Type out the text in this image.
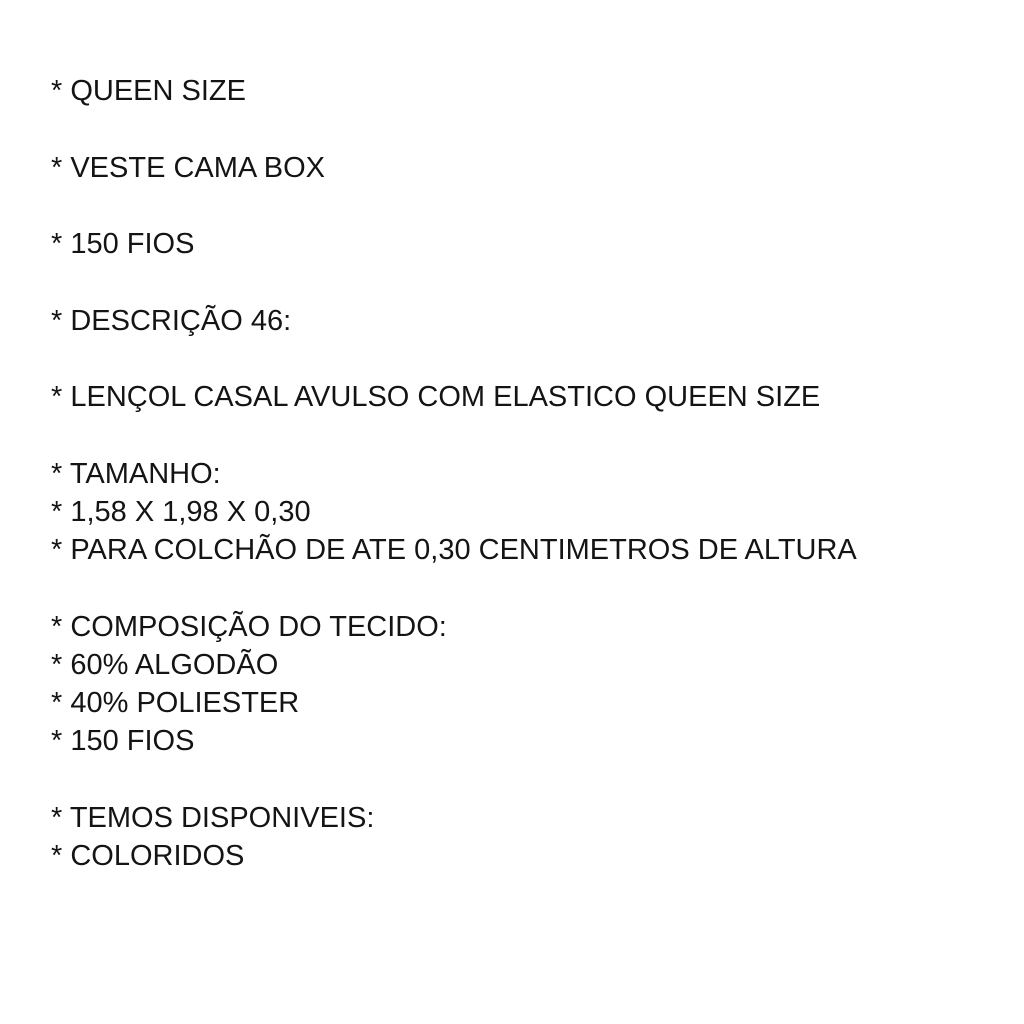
* QUEEN SIZE

* VESTE CAMA BOX

* 150 FIOS

* DESCRIÇÃO 46:

* LENÇOL CASAL AVULSO COM ELASTICO QUEEN SIZE

* TAMANHO:

* 1,58 X 1,98 X 0,30

* PARA COLCHÃO DE ATE 0,30 CENTIMETROS DE ALTURA

* COMPOSIÇÃO DO TECIDO:

* 60% ALGODÃO

* 40% POLIESTER

* 150 FIOS

* TEMOS DISPONIVEIS:

* COLORIDOS
